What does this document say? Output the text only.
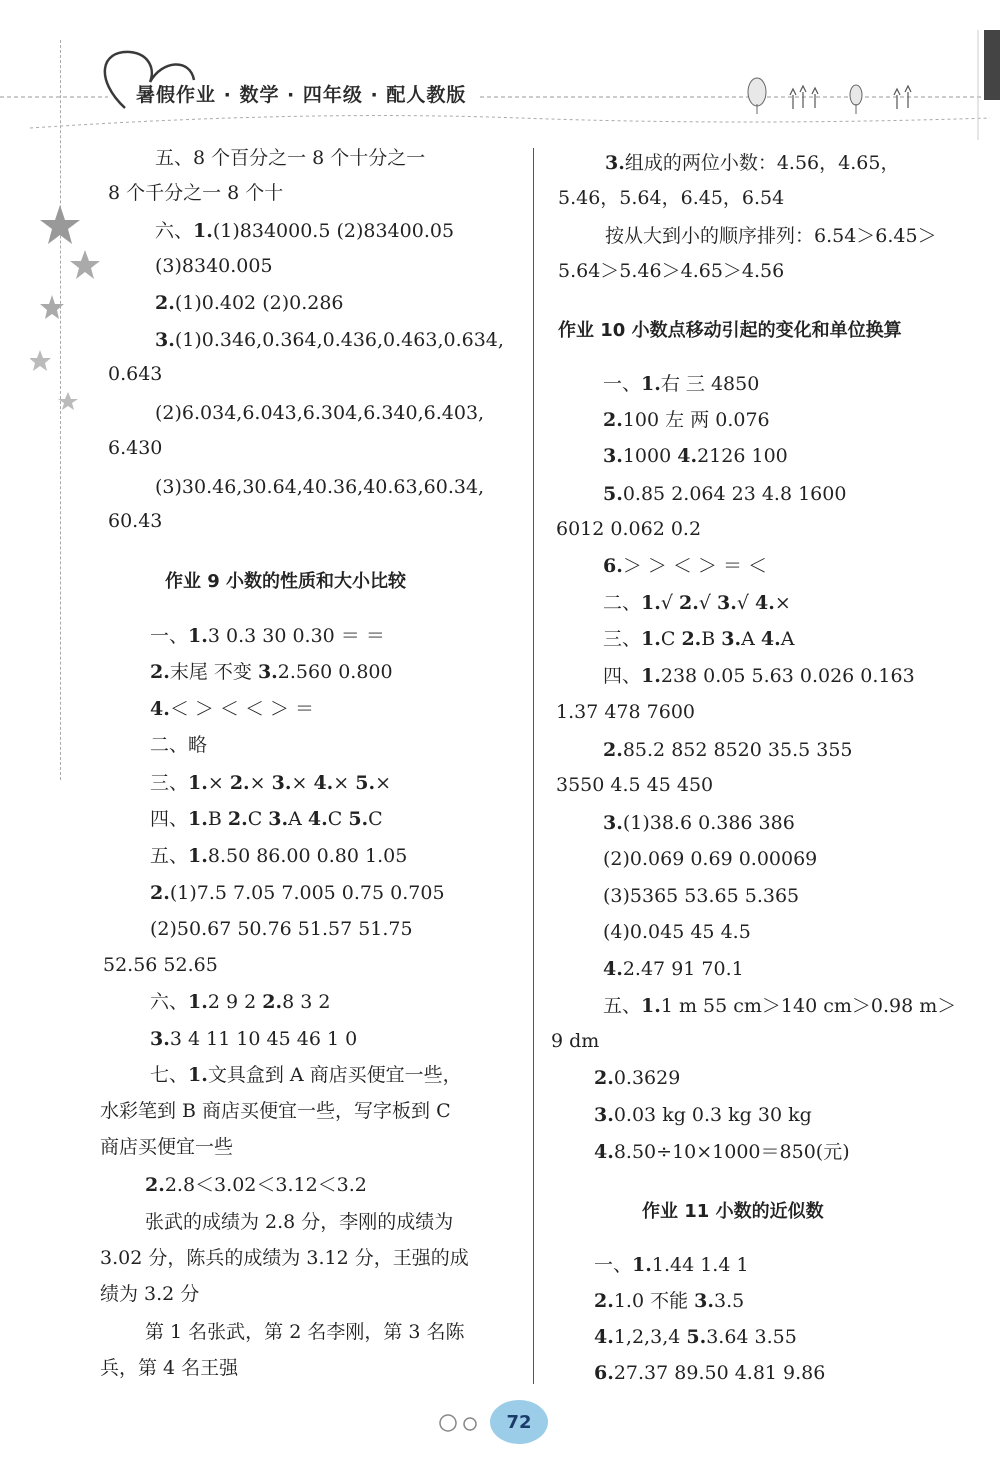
暑假作业 · 数学 · 四年级 · 配人教版
五、8 个百分之一 8 个十分之一
8 个千分之一 8 个十
六、1.(1)834000.5 (2)83400.05
(3)8340.005
2.(1)0.402 (2)0.286
3.(1)0.346,0.364,0.436,0.463,0.634,
0.643
(2)6.034,6.043,6.304,6.340,6.403,
6.430
(3)30.46,30.64,40.36,40.63,60.34,
60.43
作业 9 小数的性质和大小比较
一、1.3 0.3 30 0.30 ＝ ＝
2.末尾 不变 3.2.560 0.800
4.＜ ＞ ＜ ＜ ＞ ＝
二、略
三、1.× 2.× 3.× 4.× 5.×
四、1.B 2.C 3.A 4.C 5.C
五、1.8.50 86.00 0.80 1.05
2.(1)7.5 7.05 7.005 0.75 0.705
(2)50.67 50.76 51.57 51.75
52.56 52.65
六、1.2 9 2 2.8 3 2
3.3 4 11 10 45 46 1 0
七、1.文具盒到 A 商店买便宜一些，
水彩笔到 B 商店买便宜一些，写字板到 C
商店买便宜一些
2.2.8＜3.02＜3.12＜3.2
张武的成绩为 2.8 分，李刚的成绩为
3.02 分，陈兵的成绩为 3.12 分，王强的成
绩为 3.2 分
第 1 名张武，第 2 名李刚，第 3 名陈
兵，第 4 名王强
3.组成的两位小数：4.56，4.65，
5.46，5.64，6.45，6.54
按从大到小的顺序排列：6.54＞6.45＞
5.64＞5.46＞4.65＞4.56
作业 10 小数点移动引起的变化和单位换算
一、1.右 三 4850
2.100 左 两 0.076
3.1000 4.2126 100
5.0.85 2.064 23 4.8 1600
6012 0.062 0.2
6.＞ ＞ ＜ ＞ ＝ ＜
二、1.√ 2.√ 3.√ 4.×
三、1.C 2.B 3.A 4.A
四、1.238 0.05 5.63 0.026 0.163
1.37 478 7600
2.85.2 852 8520 35.5 355
3550 4.5 45 450
3.(1)38.6 0.386 386
(2)0.069 0.69 0.00069
(3)5365 53.65 5.365
(4)0.045 45 4.5
4.2.47 91 70.1
五、1.1 m 55 cm＞140 cm＞0.98 m＞
9 dm
2.0.3629
3.0.03 kg 0.3 kg 30 kg
4.8.50÷10×1000＝850(元)
作业 11 小数的近似数
一、1.1.44 1.4 1
2.1.0 不能 3.3.5
4.1,2,3,4 5.3.64 3.55
6.27.37 89.50 4.81 9.86
72
